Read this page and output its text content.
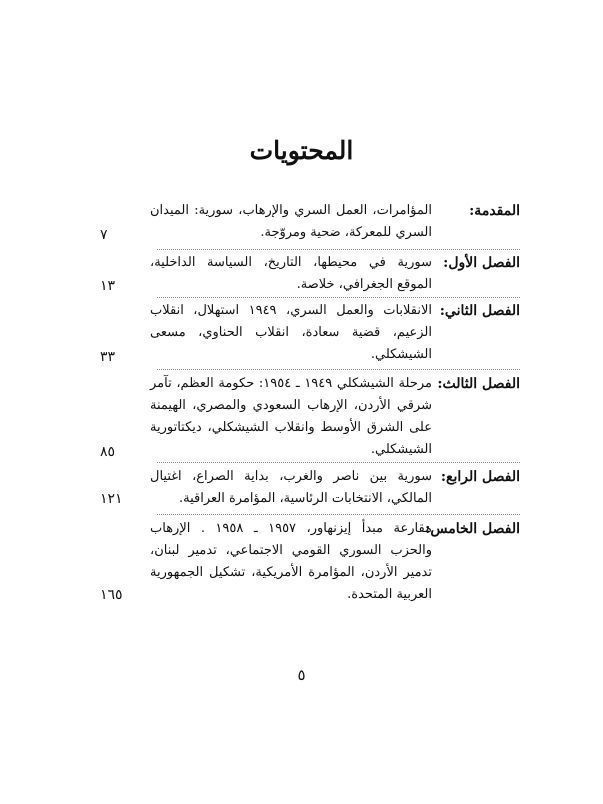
المحتويات
المقدمة:
المؤامرات، العمل السري والإرهاب، سورية: الميدان السري للمعركة، ضحية ومروّجة.
٧
الفصل الأول:
سورية في محيطها، التاريخ، السياسة الداخلية، الموقع الجغرافي، خلاصة.
١٣
الفصل الثاني:
الانقلابات والعمل السري، ١٩٤٩ استهلال، انقلاب الزعيم، قضية سعادة، انقلاب الحناوي، مسعى الشيشكلي.
٣٣
الفصل الثالث:
مرحلة الشيشكلي ١٩٤٩ ـ ١٩٥٤: حكومة العظم، تآمر شرقي الأردن، الإرهاب السعودي والمصري، الهيمنة على الشرق الأوسط وانقلاب الشيشكلي، ديكتاتورية الشيشكلي.
٨٥
الفصل الرابع:
سورية بين ناصر والغرب، بداية الصراع، اغتيال المالكي، الانتخابات الرئاسية، المؤامرة العراقية.
١٢١
الفصل الخامس:
مقارعة مبدأ إيزنهاور، ١٩٥٧ ـ ١٩٥٨ . الإرهاب والحزب السوري القومي الاجتماعي، تدمير لبنان، تدمير الأردن، المؤامرة الأمريكية، تشكيل الجمهورية العربية المتحدة.
١٦٥
٥
